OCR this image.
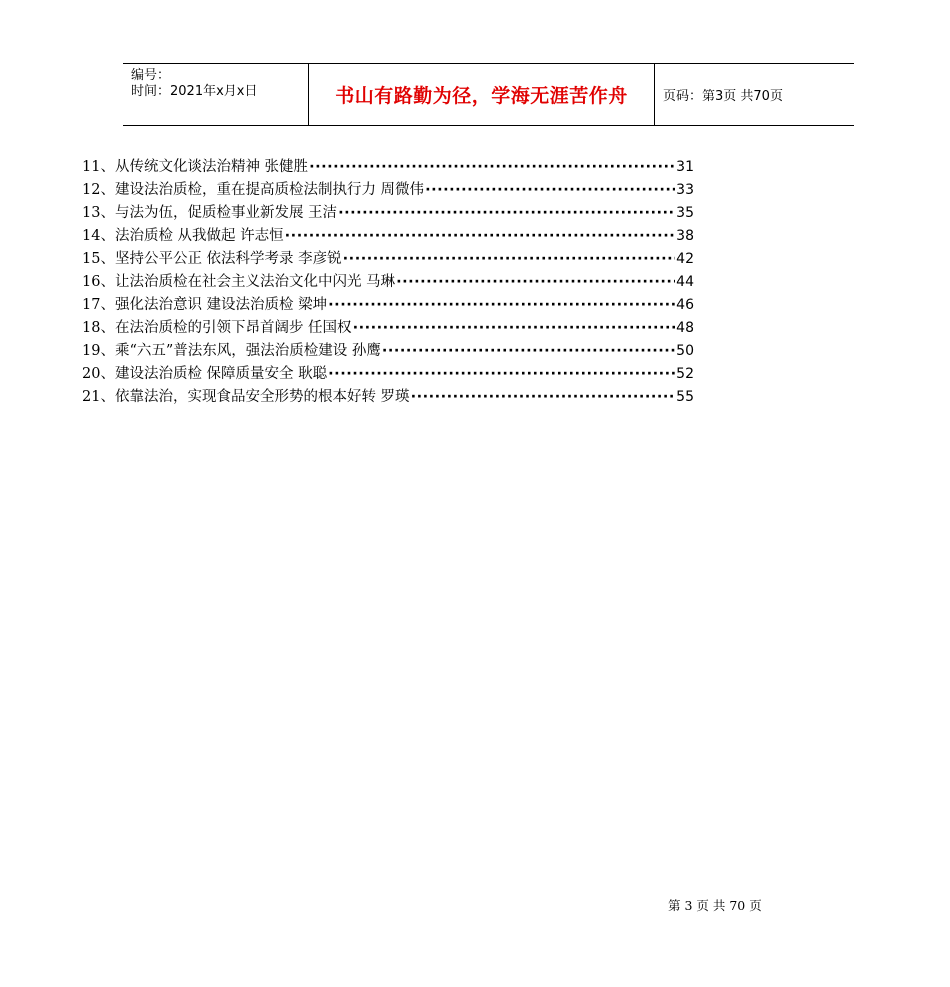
编号：
时间：2021年x月x日	书山有路勤为径，学海无涯苦作舟	页码：第3页 共70页
11、从传统文化谈法治精神 张健胜 ·····	31
12、建设法治质检，重在提高质检法制执行力 周微伟 ·····	33
13、与法为伍，促质检事业新发展 王洁 ·····	35
14、法治质检 从我做起 许志恒 ·····	38
15、坚持公平公正 依法科学考录 李彦锐 ·····	42
16、让法治质检在社会主义法治文化中闪光 马琳 ·····	44
17、强化法治意识 建设法治质检 梁坤 ·····	46
18、在法治质检的引领下昂首阔步 任国权 ·····	48
19、乘“六五”普法东风，强法治质检建设 孙鹰 ·····	50
20、建设法治质检 保障质量安全 耿聪 ·····	52
21、依靠法治，实现食品安全形势的根本好转 罗瑛 ·····	55
第 3 页 共 70 页
